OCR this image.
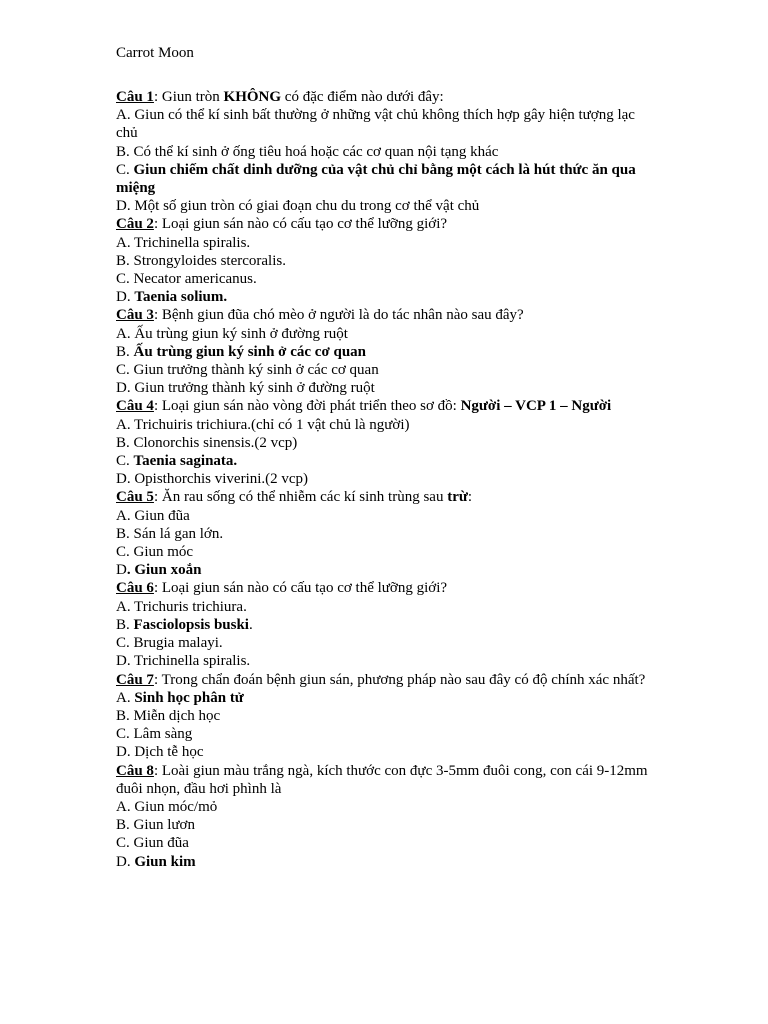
Carrot Moon
Câu 1: Giun tròn KHÔNG có đặc điểm nào dưới đây:
A. Giun có thể kí sinh bất thường ở những vật chủ không thích hợp gây hiện tượng lạc chủ
B. Có thể kí sinh ở ống tiêu hoá hoặc các cơ quan nội tạng khác
C. Giun chiếm chất dinh dưỡng của vật chủ chỉ bằng một cách là hút thức ăn qua miệng
D. Một số giun tròn có giai đoạn chu du trong cơ thể vật chủ
Câu 2: Loại giun sán nào có cấu tạo cơ thể lưỡng giới?
A. Trichinella spiralis.
B. Strongyloides stercoralis.
C. Necator americanus.
D. Taenia solium.
Câu 3: Bệnh giun đũa chó mèo ở người là do tác nhân nào sau đây?
A. Ấu trùng giun ký sinh ở đường ruột
B. Ấu trùng giun ký sinh ở các cơ quan
C. Giun trưởng thành ký sinh ở các cơ quan
D. Giun trưởng thành ký sinh ở đường ruột
Câu 4: Loại giun sán nào vòng đời phát triển theo sơ đồ: Người – VCP 1 – Người
A. Trichuiris trichiura.(chỉ có 1 vật chủ là người)
B. Clonorchis sinensis.(2 vcp)
C. Taenia saginata.
D. Opisthorchis viverini.(2 vcp)
Câu 5: Ăn rau sống có thể nhiễm các kí sinh trùng sau trừ:
A. Giun đũa
B. Sán lá gan lớn.
C. Giun móc
D. Giun xoắn
Câu 6: Loại giun sán nào có cấu tạo cơ thể lưỡng giới?
A. Trichuris trichiura.
B. Fasciolopsis buski.
C. Brugia malayi.
D. Trichinella spiralis.
Câu 7: Trong chẩn đoán bệnh giun sán, phương pháp nào sau đây có độ chính xác nhất?
A. Sinh học phân tử
B. Miễn dịch học
C. Lâm sàng
D. Dịch tễ học
Câu 8: Loài giun màu trắng ngà, kích thước con đực 3-5mm đuôi cong, con cái 9-12mm đuôi nhọn, đầu hơi phình là
A. Giun móc/mỏ
B. Giun lươn
C. Giun đũa
D. Giun kim
